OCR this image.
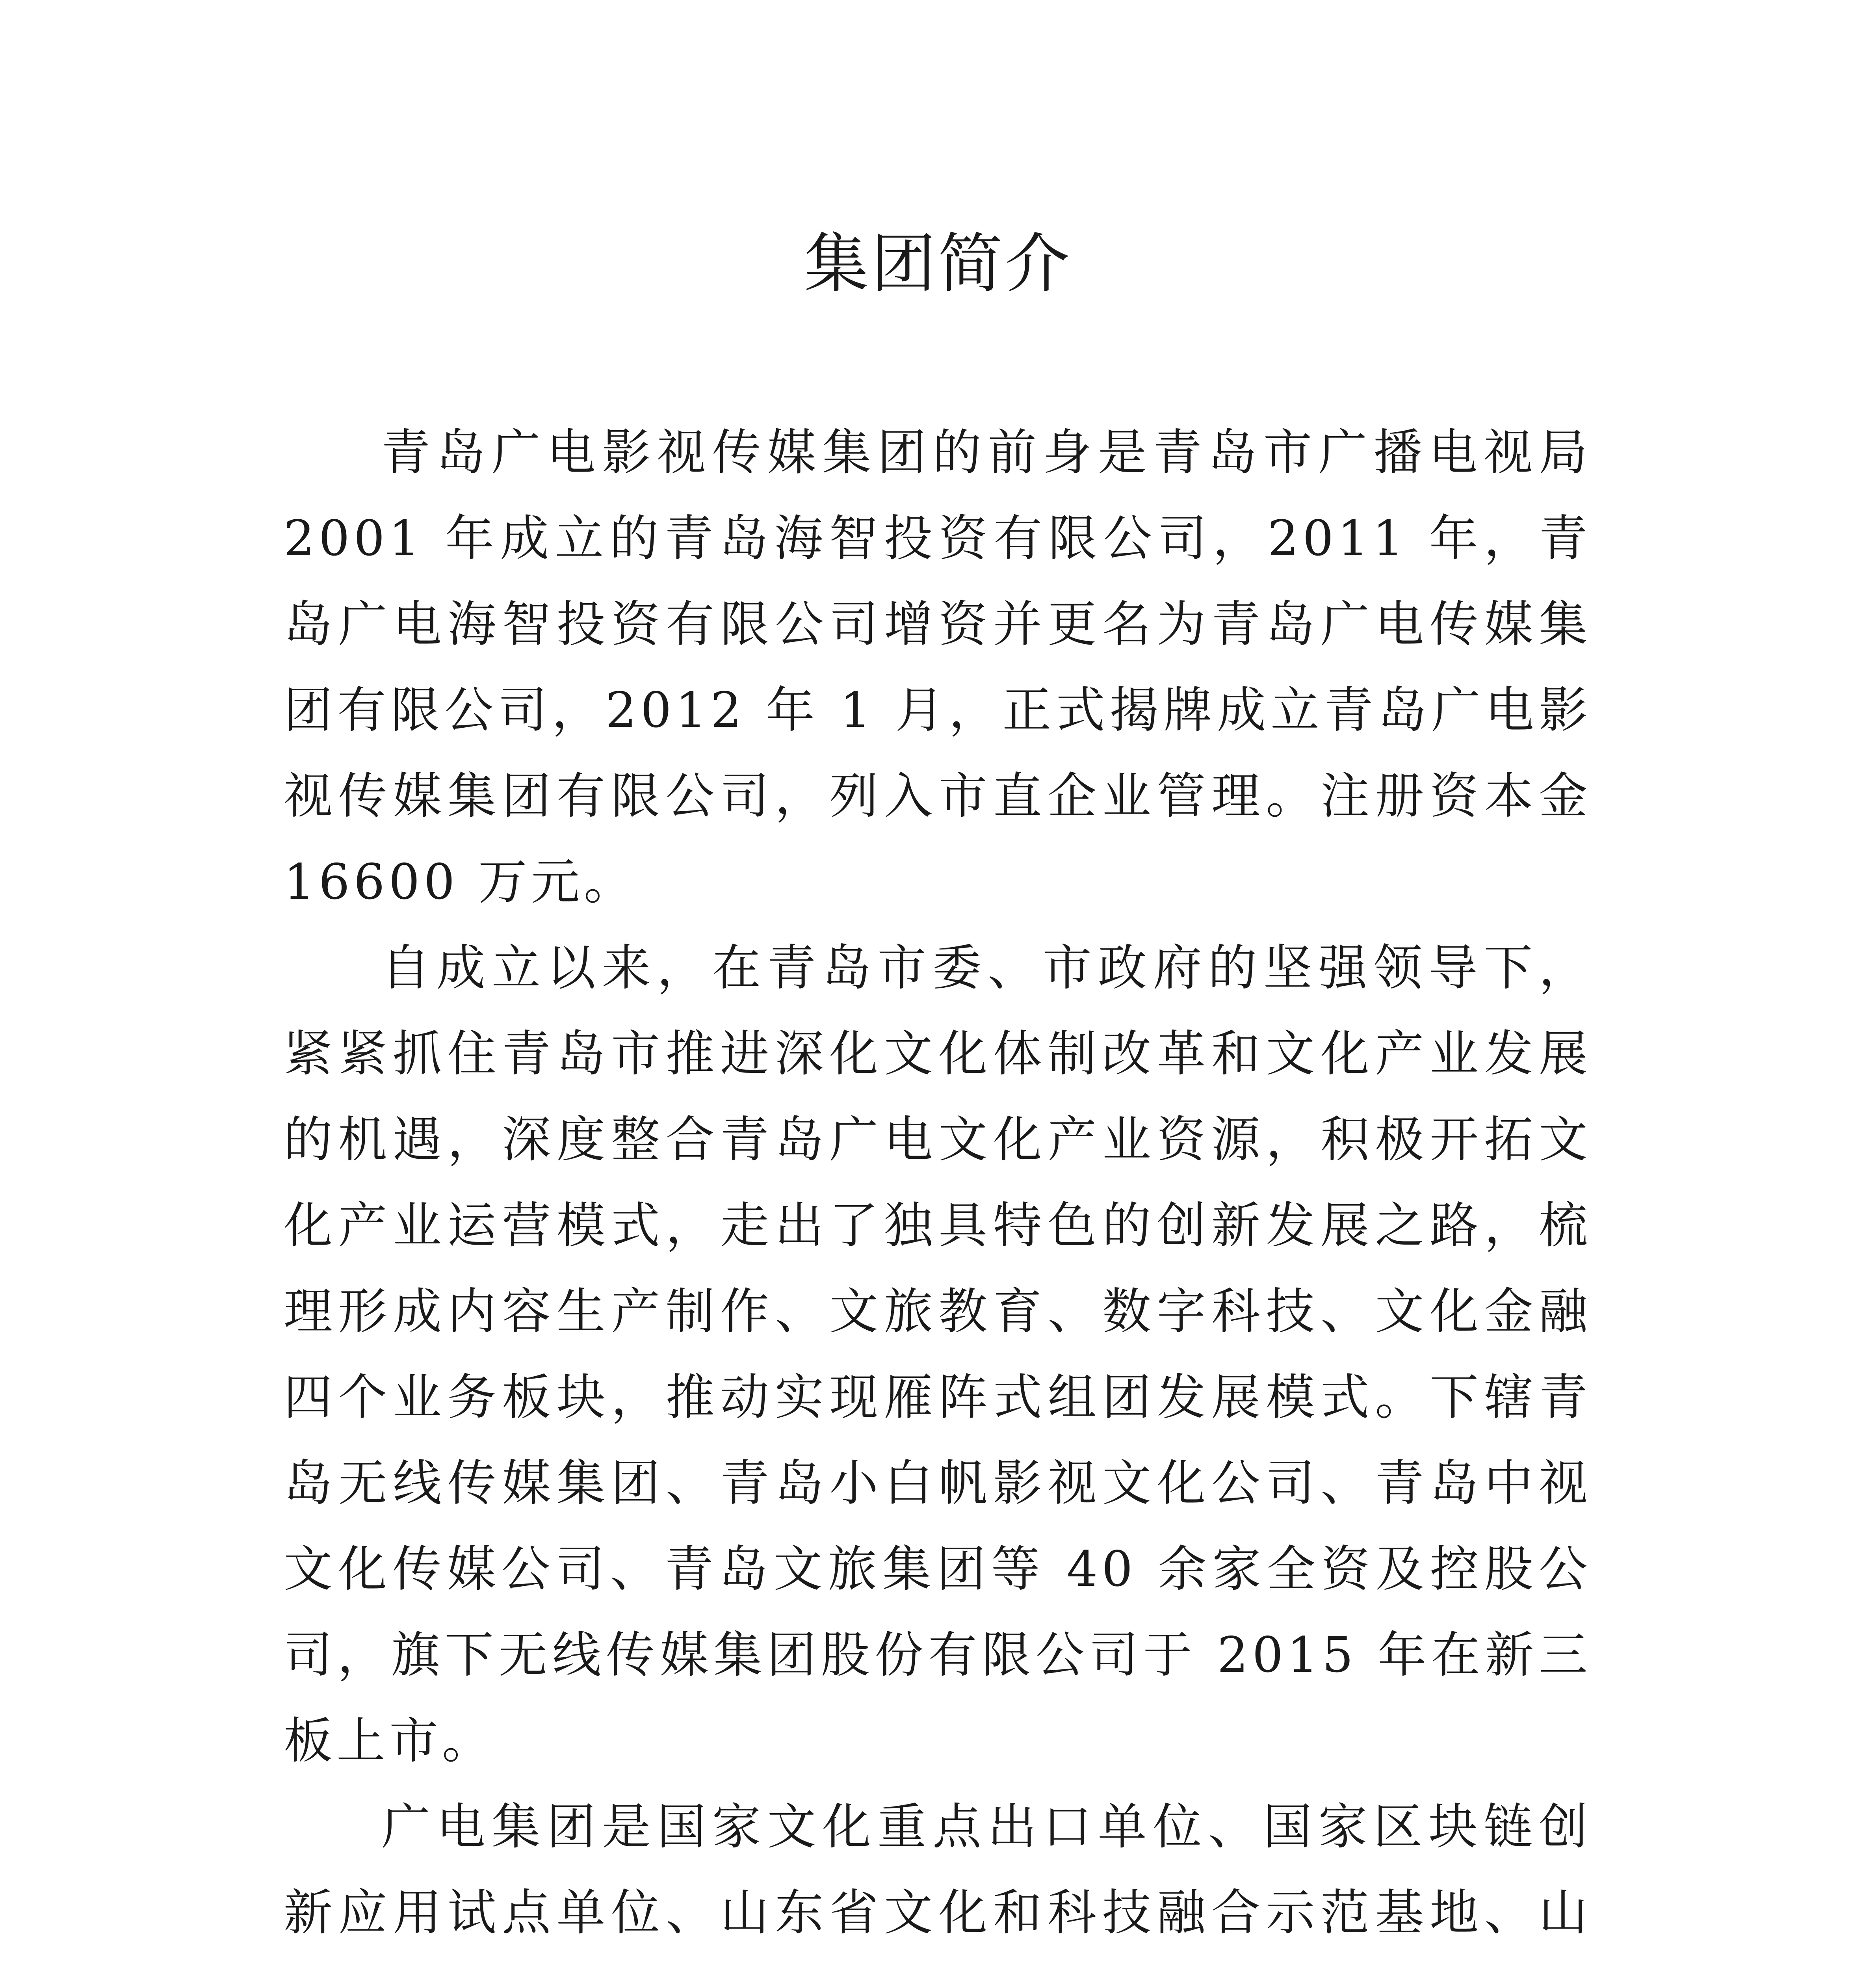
集团简介

青岛广电影视传媒集团的前身是青岛市广播电视局 2001 年成立的青岛海智投资有限公司，2011 年，青岛广电海智投资有限公司增资并更名为青岛广电传媒集团有限公司，2012 年 1 月，正式揭牌成立青岛广电影视传媒集团有限公司，列入市直企业管理。注册资本金 16600 万元。

自成立以来，在青岛市委、市政府的坚强领导下，紧紧抓住青岛市推进深化文化体制改革和文化产业发展的机遇，深度整合青岛广电文化产业资源，积极开拓文化产业运营模式，走出了独具特色的创新发展之路，梳理形成内容生产制作、文旅教育、数字科技、文化金融四个业务板块，推动实现雁阵式组团发展模式。下辖青岛无线传媒集团、青岛小白帆影视文化公司、青岛中视文化传媒公司、青岛文旅集团等 40 余家全资及控股公司，旗下无线传媒集团股份有限公司于 2015 年在新三板上市。

广电集团是国家文化重点出口单位、国家区块链创新应用试点单位、山东省文化和科技融合示范基地、山
